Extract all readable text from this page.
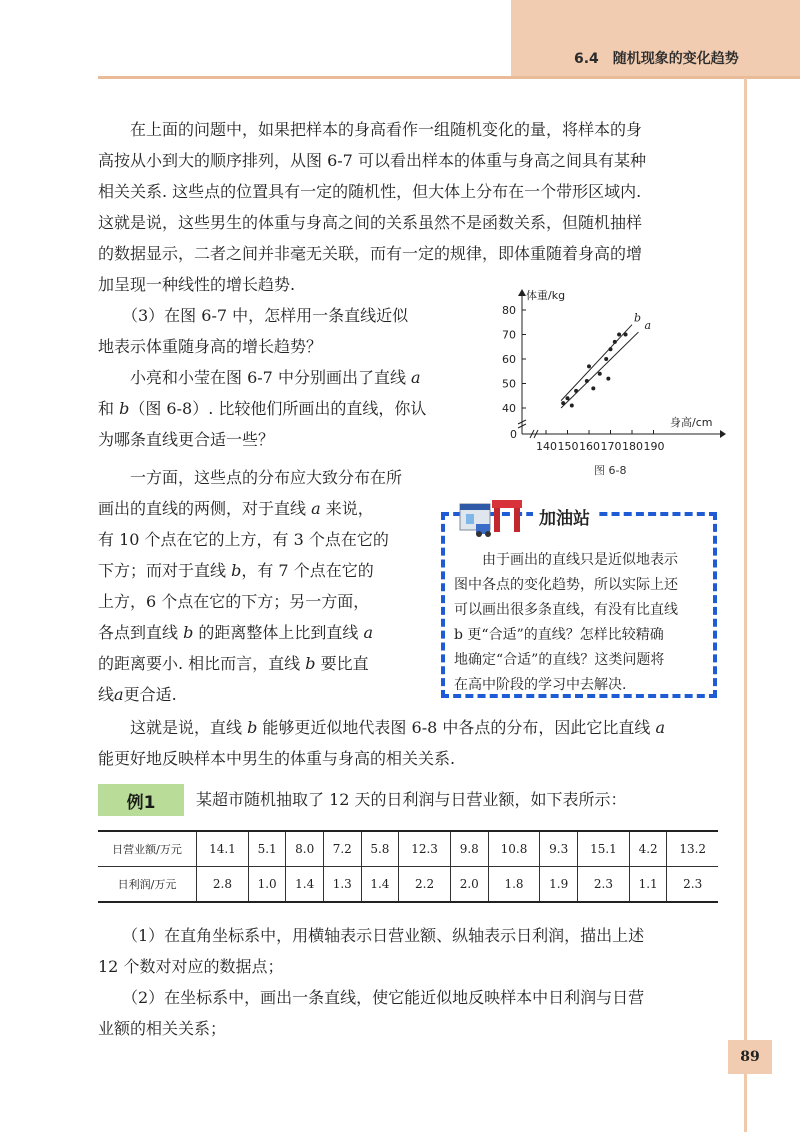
6.4　随机现象的变化趋势

　　在上面的问题中，如果把样本的身高看作一组随机变化的量，将样本的身
高按从小到大的顺序排列，从图 6-7 可以看出样本的体重与身高之间具有某种
相关关系. 这些点的位置具有一定的随机性，但大体上分布在一个带形区域内.
这就是说，这些男生的体重与身高之间的关系虽然不是函数关系，但随机抽样
的数据显示，二者之间并非毫无关联，而有一定的规律，即体重随着身高的增
加呈现一种线性的增长趋势.

　　（3）在图 6-7 中，怎样用一条直线近似
地表示体重随身高的增长趋势？

　　小亮和小莹在图 6-7 中分别画出了直线 a
和 b（图 6-8）. 比较他们所画出的直线，你认
为哪条直线更合适一些？

　　一方面，这些点的分布应大致分布在所
画出的直线的两侧，对于直线 a 来说，
有 10 个点在它的上方，有 3 个点在它的
下方；而对于直线 b，有 7 个点在它的
上方，6 个点在它的下方；另一方面，
各点到直线 b 的距离整体上比到直线 a
的距离要小. 相比而言，直线 b 要比直
线a更合适.

　　这就是说，直线 b 能够更近似地代表图 6-8 中各点的分布，因此它比直线 a
能更好地反映样本中男生的体重与身高的相关关系.

140 150 160 170 180 190
40
50
60
70
80
0
体重/kg
身高/cm
a
b
图 6-8
加油站

　　由于画出的直线只是近似地表示
图中各点的变化趋势，所以实际上还
可以画出很多条直线，有没有比直线
b 更“合适”的直线？怎样比较精确
地确定“合适”的直线？这类问题将
在高中阶段的学习中去解决.

例1	某超市随机抽取了 12 天的日利润与日营业额，如下表所示：
日营业额/万元	14.1	5.1	8.0	7.2	5.8	12.3	9.8	10.8	9.3	15.1	4.2	13.2
日利润/万元	2.8	1.0	1.4	1.3	1.4	2.2	2.0	1.8	1.9	2.3	1.1	2.3

　　（1）在直角坐标系中，用横轴表示日营业额、纵轴表示日利润，描出上述
12 个数对对应的数据点；
　　（2）在坐标系中，画出一条直线，使它能近似地反映样本中日利润与日营
业额的相关关系；

89
